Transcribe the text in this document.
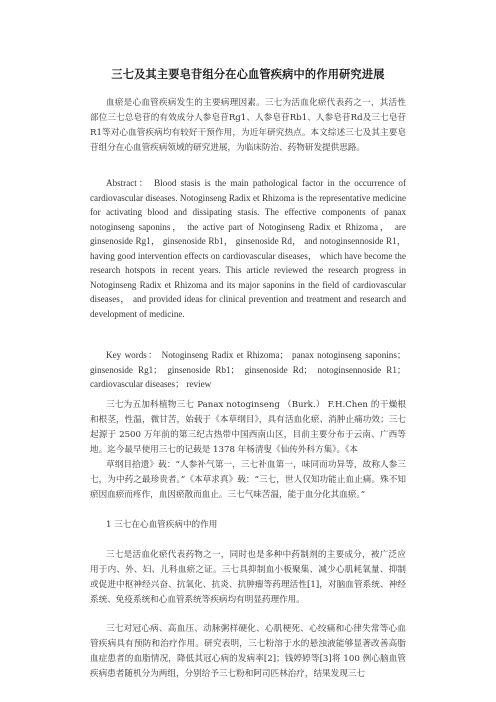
三七及其主要皂苷组分在心血管疾病中的作用研究进展

血瘀是心血管疾病发生的主要病理因素。三七为活血化瘀代表药之一，其活性部位三七总皂苷的有效成分人参皂苷Rg1、人参皂苷Rb1、人参皂苷Rd及三七皂苷R1等对心血管疾病均有较好干预作用，为近年研究热点。本文综述三七及其主要皂苷组分在心血管疾病领域的研究进展，为临床防治、药物研发提供思路。

Abstract： Blood stasis is the main pathological factor in the occurrence of cardiovascular diseases. Notoginseng Radix et Rhizoma is the representative medicine for activating blood and dissipating stasis. The effective components of panax notoginseng saponins， the active part of Notoginseng Radix et Rhizoma， are ginsenoside Rg1， ginsenoside Rb1， ginsenoside Rd， and notoginsennoside R1， having good intervention effects on cardiovascular diseases， which have become the research hotspots in recent years. This article reviewed the research progress in Notoginseng Radix et Rhizoma and its major saponins in the field of cardiovascular diseases， and provided ideas for clinical prevention and treatment and research and development of medicine.

Key words： Notoginseng Radix et Rhizoma； panax notoginseng saponins； ginsenoside Rg1； ginsenoside Rb1； ginsenoside Rd； notoginsennoside R1； cardiovascular diseases； review

三七为五加科植物三七 Panax notoginseng （Burk.） F.H.Chen 的干燥根和根茎，性温，微甘苦，始载于《本草纲目》，具有活血化瘀、消肿止痛功效；三七起源于 2500 万年前的第三纪古热带中国西南山区，目前主要分布于云南、广西等地。迄今最早使用三七的记载是 1378 年杨清叟《仙传外科方集》。《本

草纲目拾遗》载：“人参补气第一，三七补血第一，味同而功异等，故称人参三七，为中药之最珍贵者。”《本草求真》载：“三七，世人仅知功能止血止痛。殊不知瘀因血瘀而疼作，血因瘀散而血止。三七气味苦温，能于血分化其血瘀。”

1 三七在心血管疾病中的作用

三七是活血化瘀代表药物之一，同时也是多种中药制剂的主要成分，被广泛应用于内、外、妇、儿科血瘀之证。三七具抑制血小板聚集、减少心肌耗氧量、抑制或促进中枢神经兴奋、抗氧化、抗炎、抗肿瘤等药理活性[1]，对脑血管系统、神经系统、免疫系统和心血管系统等疾病均有明显药理作用。

三七对冠心病、高血压、动脉粥样硬化、心肌梗死、心绞痛和心律失常等心血管疾病具有预防和治疗作用。研究表明，三七粉溶于水的悬浊液能够显著改善高脂血症患者的血脂情况，降低其冠心病的发病率[2]；钱婷婷等[3]将 100 例心脑血管疾病患者随机分为两组，分别给予三七粉和阿司匹林治疗，结果发现三七
